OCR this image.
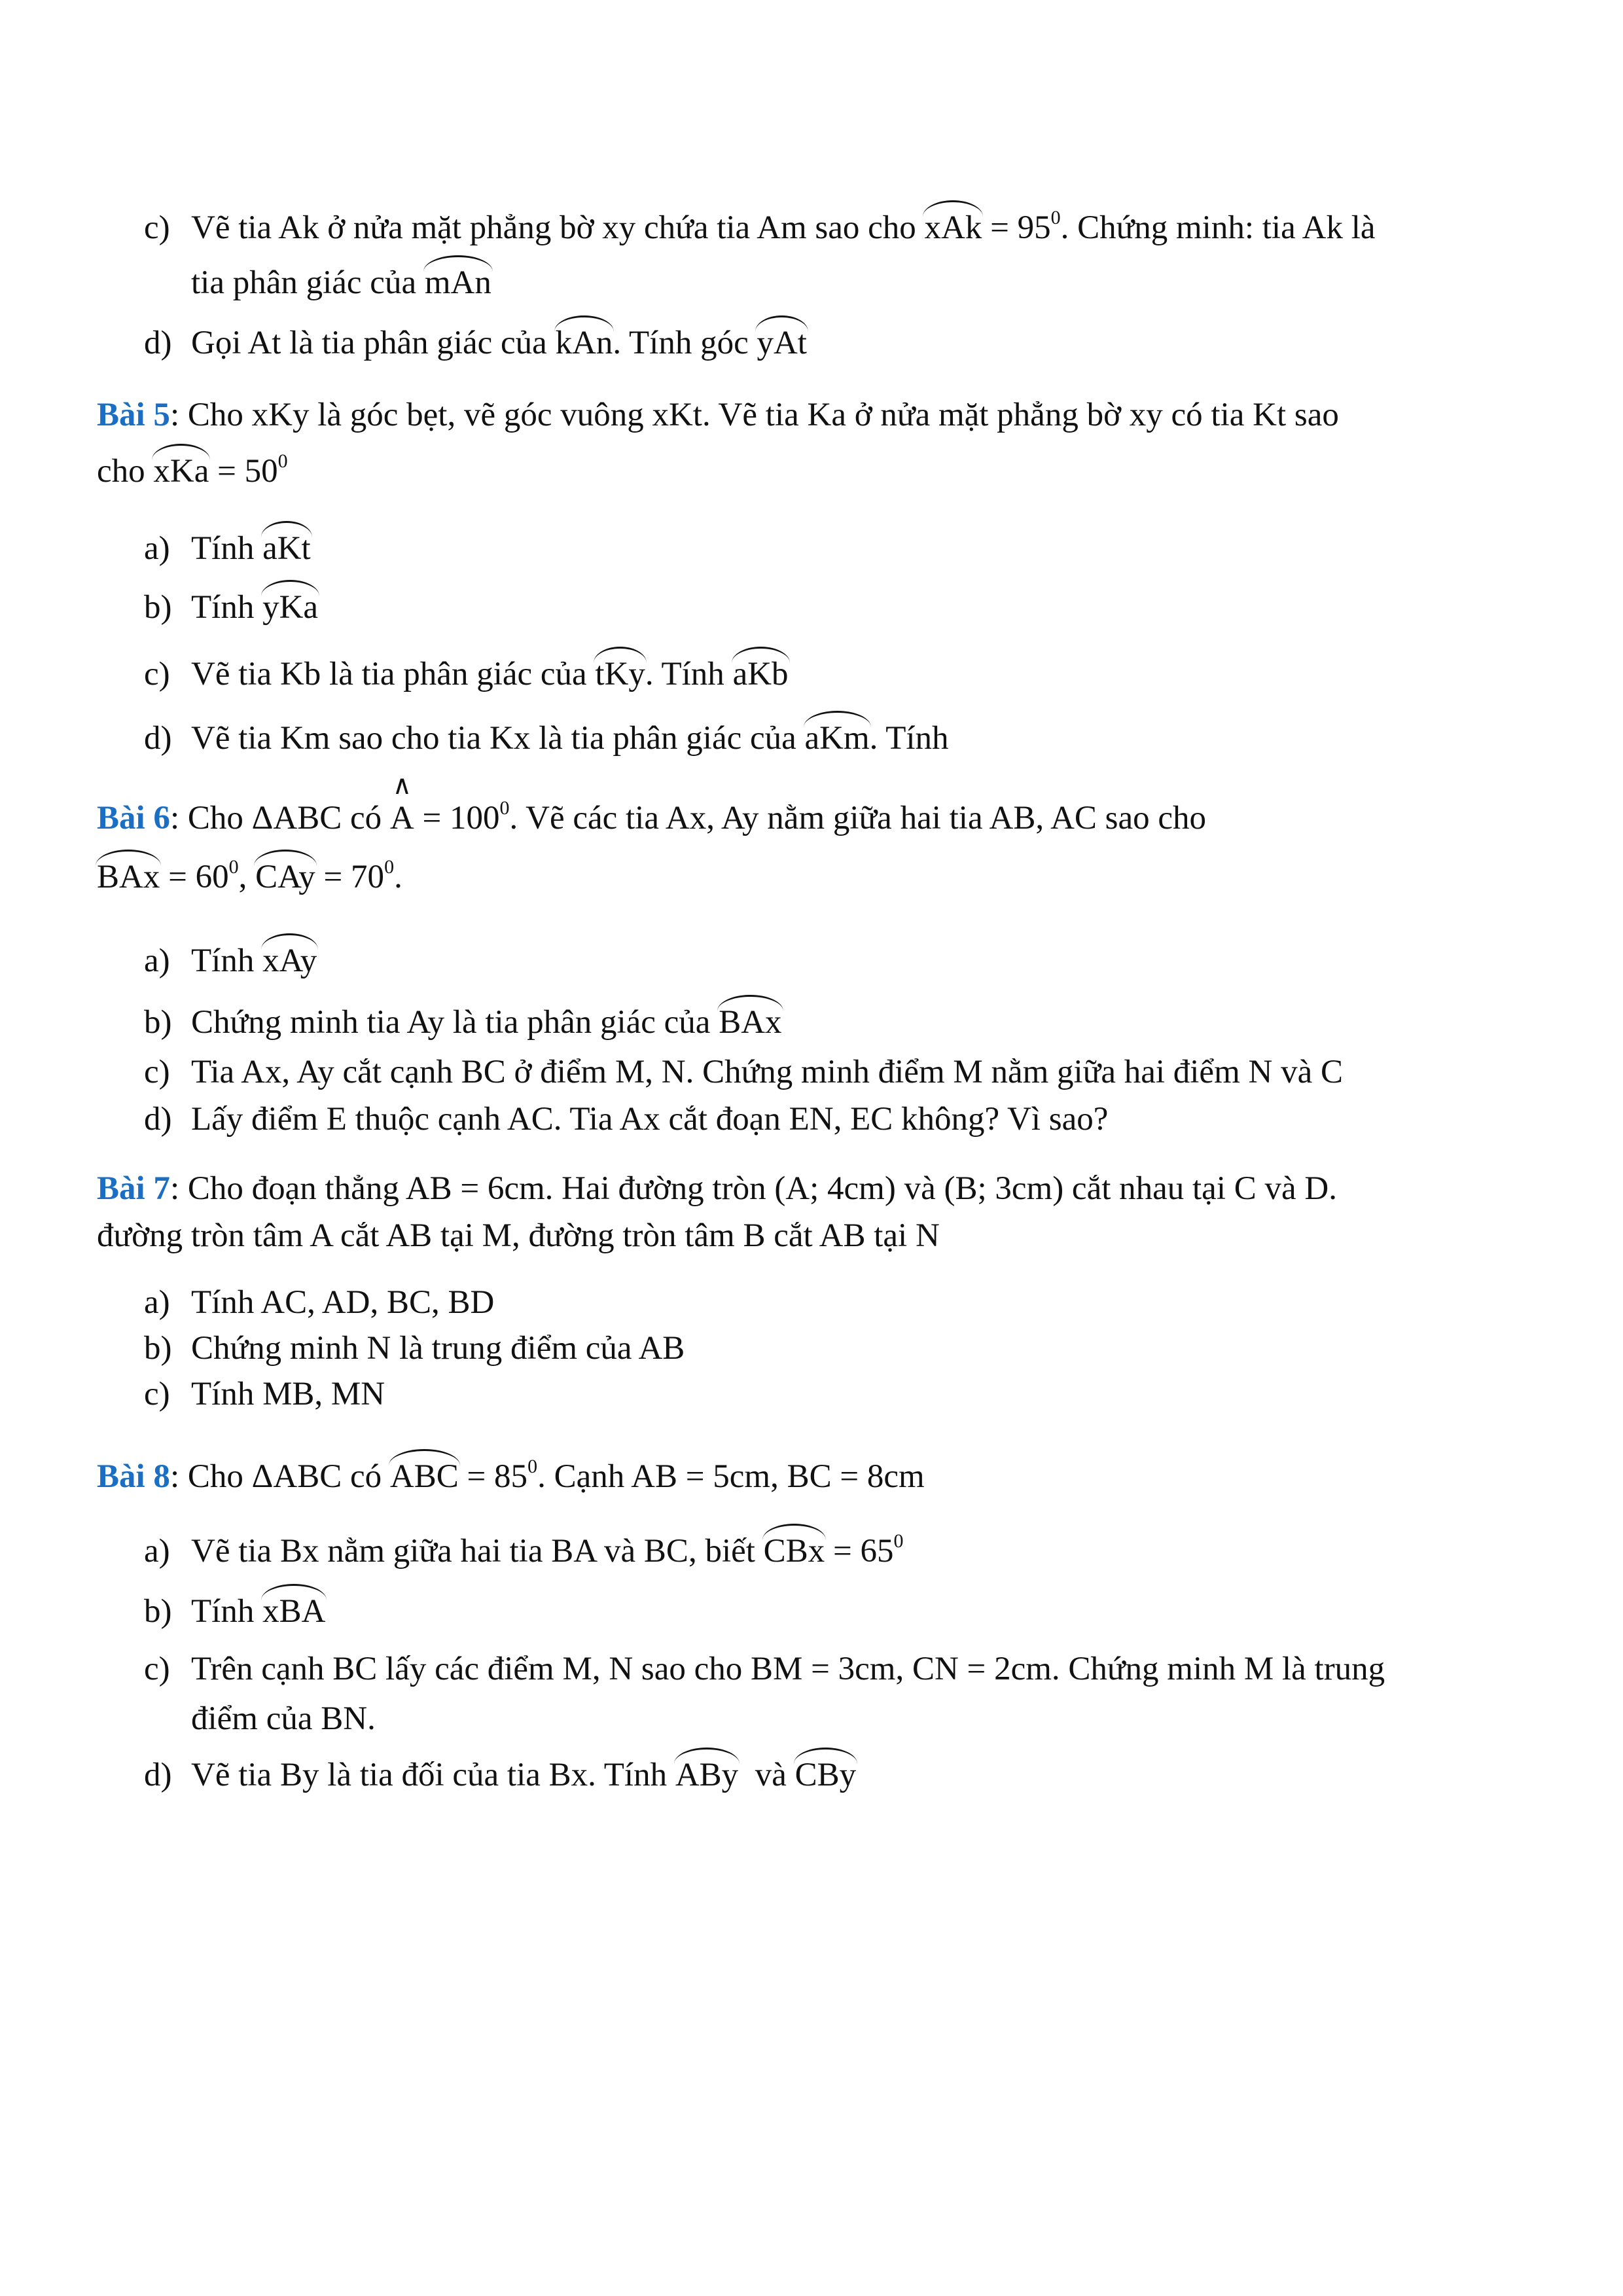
c) Vẽ tia Ak ở nửa mặt phẳng bờ xy chứa tia Am sao cho xAk = $95^0$. Chứng minh: tia Ak là
tia phân giác của mAn
d) Gọi At là tia phân giác của kAn. Tính góc yAt
Bài 5: Cho xKy là góc bẹt, vẽ góc vuông xKt. Vẽ tia Ka ở nửa mặt phẳng bờ xy có tia Kt sao
cho xKa = $50^0$
a) Tính aKt
b) Tính yKa
c) Vẽ tia Kb là tia phân giác của tKy. Tính aKb
d) Vẽ tia Km sao cho tia Kx là tia phân giác của aKm. Tính
Bài 6: Cho ΔABC có ∧ $A = 100^0$. Vẽ các tia Ax, Ay nằm giữa hai tia AB, AC sao cho
BAx = $60^0$, CAy = $70^0$.
a) Tính xAy
b) Chứng minh tia Ay là tia phân giác của BAx
c) Tia Ax, Ay cắt cạnh BC ở điểm M, N. Chứng minh điểm M nằm giữa hai điểm N và C
d) Lấy điểm E thuộc cạnh AC. Tia Ax cắt đoạn EN, EC không? Vì sao?
Bài 7: Cho đoạn thẳng AB = 6cm. Hai đường tròn (A; 4cm) và (B; 3cm) cắt nhau tại C và D.
đường tròn tâm A cắt AB tại M, đường tròn tâm B cắt AB tại N
a) Tính AC, AD, BC, BD
b) Chứng minh N là trung điểm của AB
c) Tính MB, MN
Bài 8: Cho ΔABC có ABC = $85^0$. Cạnh AB = 5cm, BC = 8cm
a) Vẽ tia Bx nằm giữa hai tia BA và BC, biết CBx = $65^0$
b) Tính xBA
c) Trên cạnh BC lấy các điểm M, N sao cho BM = 3cm, CN = 2cm. Chứng minh M là trung
điểm của BN.
d) Vẽ tia By là tia đối của tia Bx. Tính ABy  và CBy
